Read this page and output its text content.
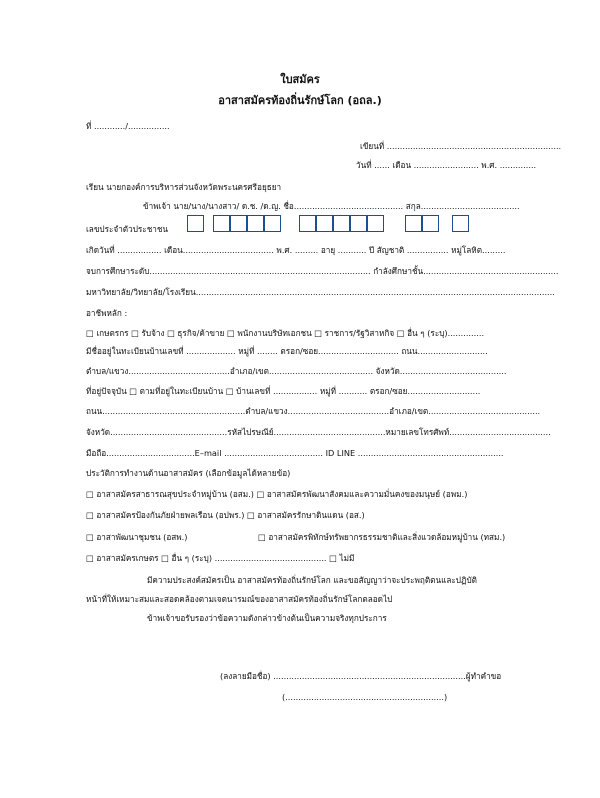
ใบสมัคร
อาสาสมัครท้องถิ่นรักษ์โลก (อถล.)
ที่ ............/................
เขียนที่ ...................................................................
วันที่ ...... เดือน ......................... พ.ศ. ..............
เรียน นายกองค์การบริหารส่วนจังหวัดพระนครศรีอยุธยา
ข้าพเจ้า นาย/นาง/นางสาว/ ด.ช. /ด.ญ. ชื่อ.......................................... สกุล......................................
เลขประจำตัวประชาชน
เกิดวันที่ ................. เดือน................................... พ.ศ. ......... อายุ ........... ปี สัญชาติ ................ หมู่โลหิต.........
จบการศึกษาระดับ..................................................................................... กำลังศึกษาชั้น....................................................
มหาวิทยาลัย/วิทยาลัย/โรงเรียน..........................................................................................................................................
อาชีพหลัก :
□ เกษตรกร □ รับจ้าง □ ธุรกิจ/ค้าขาย □ พนักงานบริษัทเอกชน □ ราชการ/รัฐวิสาหกิจ □ อื่น ๆ (ระบุ)..............
มีชื่ออยู่ในทะเบียนบ้านเลขที่ ................... หมู่ที่ ........ ตรอก/ซอย............................... ถนน...........................
ตำบล/แขวง.......................................อำเภอ/เขต........................................ จังหวัด.........................................
ที่อยู่ปัจจุบัน □ ตามที่อยู่ในทะเบียนบ้าน □ บ้านเลขที่ ................. หมู่ที่ ........... ตรอก/ซอย............................
ถนน.......................................................ตำบล/แขวง.......................................อำเภอ/เขต...........................................
จังหวัด.............................................รหัสไปรษณีย์...........................................หมายเลขโทรศัพท์.......................................
มือถือ..................................E–mail ...................................... ID LINE ........................................................
ประวัติการทำงานด้านอาสาสมัคร (เลือกข้อมูลได้หลายข้อ)
□ อาสาสมัครสาธารณสุขประจำหมู่บ้าน (อสม.) □ อาสาสมัครพัฒนาสังคมและความมั่นคงของมนุษย์ (อพม.)
□ อาสาสมัครป้องกันภัยฝ่ายพลเรือน (อปพร.) □ อาสาสมัครรักษาดินแดน (อส.)
□ อาสาพัฒนาชุมชน (อสพ.)	□ อาสาสมัครพิทักษ์ทรัพยากรธรรมชาติและสิ่งแวดล้อมหมู่บ้าน (ทสม.)
□ อาสาสมัครเกษตร □ อื่น ๆ (ระบุ) ........................................... □ ไม่มี
มีความประสงค์สมัครเป็น อาสาสมัครท้องถิ่นรักษ์โลก และขอสัญญาว่าจะประพฤติตนและปฏิบัติ
หน้าที่ให้เหมาะสมและสอดคล้องตามเจตนารมณ์ของอาสาสมัครท้องถิ่นรักษ์โลกตลอดไป
ข้าพเจ้าขอรับรองว่าข้อความดังกล่าวข้างต้นเป็นความจริงทุกประการ
(ลงลายมือชื่อ) ..........................................................................ผู้ทำคำขอ
(.............................................................)
